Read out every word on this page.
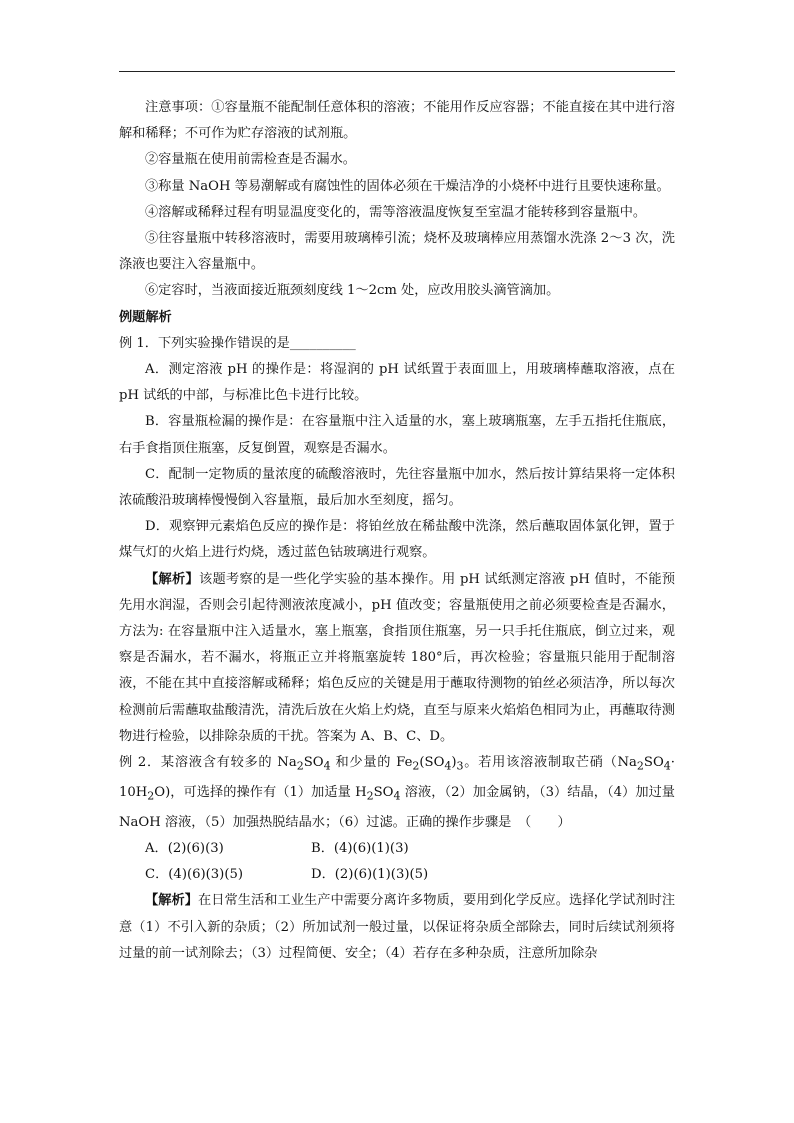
注意事项：①容量瓶不能配制任意体积的溶液；不能用作反应容器；不能直接在其中进行溶解和稀释；不可作为贮存溶液的试剂瓶。

②容量瓶在使用前需检查是否漏水。

③称量 NaOH 等易潮解或有腐蚀性的固体必须在干燥洁净的小烧杯中进行且要快速称量。

④溶解或稀释过程有明显温度变化的，需等溶液温度恢复至室温才能转移到容量瓶中。

⑤往容量瓶中转移溶液时，需要用玻璃棒引流；烧杯及玻璃棒应用蒸馏水洗涤 2～3 次，洗涤液也要注入容量瓶中。

⑥定容时，当液面接近瓶颈刻度线 1～2cm 处，应改用胶头滴管滴加。

例题解析

例 1．下列实验操作错误的是__________

A．测定溶液 pH 的操作是：将湿润的 pH 试纸置于表面皿上，用玻璃棒蘸取溶液，点在 pH 试纸的中部，与标准比色卡进行比较。

B．容量瓶检漏的操作是：在容量瓶中注入适量的水，塞上玻璃瓶塞，左手五指托住瓶底，右手食指顶住瓶塞，反复倒置，观察是否漏水。

C．配制一定物质的量浓度的硫酸溶液时，先往容量瓶中加水，然后按计算结果将一定体积浓硫酸沿玻璃棒慢慢倒入容量瓶，最后加水至刻度，摇匀。

D．观察钾元素焰色反应的操作是：将铂丝放在稀盐酸中洗涤，然后蘸取固体氯化钾，置于煤气灯的火焰上进行灼烧，透过蓝色钴玻璃进行观察。

【解析】该题考察的是一些化学实验的基本操作。用 pH 试纸测定溶液 pH 值时，不能预先用水润湿，否则会引起待测液浓度减小，pH 值改变；容量瓶使用之前必须要检查是否漏水，方法为: 在容量瓶中注入适量水，塞上瓶塞，食指顶住瓶塞，另一只手托住瓶底，倒立过来，观察是否漏水，若不漏水，将瓶正立并将瓶塞旋转 180°后，再次检验；容量瓶只能用于配制溶液，不能在其中直接溶解或稀释；焰色反应的关键是用于蘸取待测物的铂丝必须洁净，所以每次检测前后需蘸取盐酸清洗，清洗后放在火焰上灼烧，直至与原来火焰焰色相同为止，再蘸取待测物进行检验，以排除杂质的干扰。答案为 A、B、C、D。

例 2．某溶液含有较多的 $Na_2SO_4$ 和少量的 $Fe_2(SO_4)_3$。若用该溶液制取芒硝$(Na_2SO_4\cdot 10H_2O)$，可选择的操作有（1）加适量 $H_2SO_4$ 溶液，（2）加金属钠，（3）结晶，（4）加过量 NaOH 溶液，（5）加强热脱结晶水；（6）过滤。正确的操作步骤是　（　　）

A．(2)(6)(3)	B．(4)(6)(1)(3)
C．(4)(6)(3)(5)	D．(2)(6)(1)(3)(5)

【解析】在日常生活和工业生产中需要分离许多物质，要用到化学反应。选择化学试剂时注意（1）不引入新的杂质；（2）所加试剂一般过量，以保证将杂质全部除去，同时后续试剂须将过量的前一试剂除去；（3）过程简便、安全；（4）若存在多种杂质，注意所加除杂
